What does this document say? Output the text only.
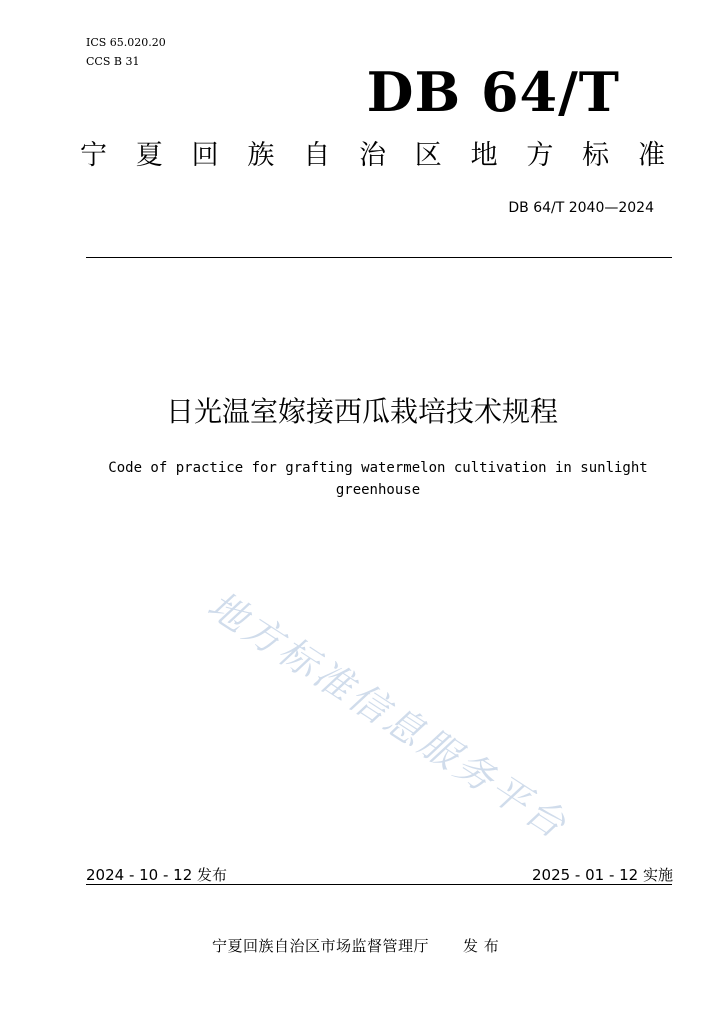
ICS 65.020.20
CCS B 31	DB 64/T
宁 夏 回 族 自 治 区 地 方 标 准
DB 64/T 2040—2024
日光温室嫁接西瓜栽培技术规程
Code of practice for grafting watermelon cultivation in sunlight greenhouse
地方标准信息服务平台
2024 - 10 - 12 发布	2025 - 01 - 12 实施
宁夏回族自治区市场监督管理厅 发 布
